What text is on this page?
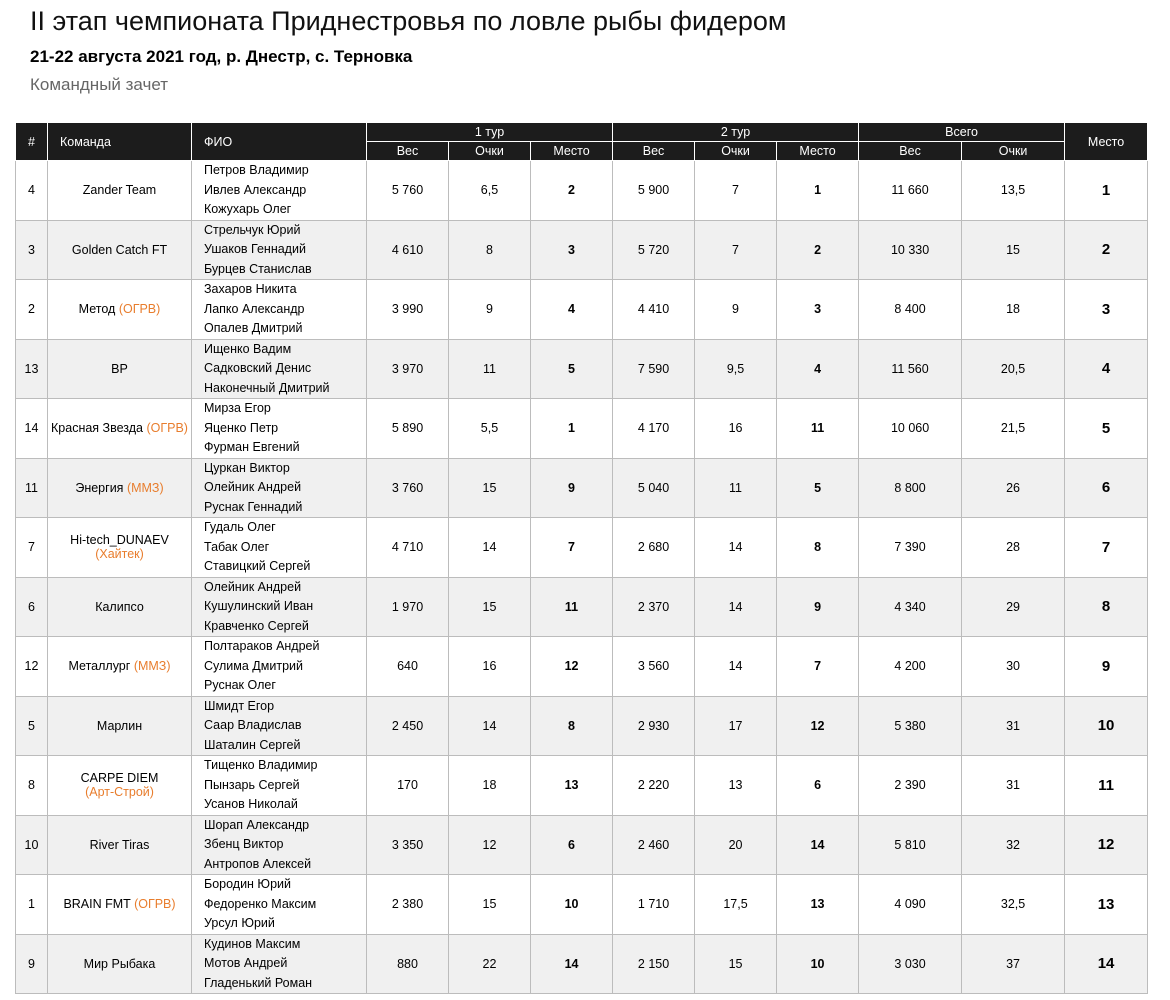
II этап чемпионата Приднестровья по ловле рыбы фидером
21-22 августа 2021 год, р. Днестр, с. Терновка
Командный зачет
#	Команда	ФИО	1 тур			2 тур			Всего		Место
			Вес	Очки	Место	Вес	Очки	Место	Вес	Очки	
4	Zander Team	Петров Владимир
Ивлев Александр
Кожухарь Олег	5 760	6,5	2	5 900	7	1	11 660	13,5	1
3	Golden Catch FT	Стрельчук Юрий
Ушаков Геннадий
Бурцев Станислав	4 610	8	3	5 720	7	2	10 330	15	2
2	Метод (ОГРВ)	Захаров Никита
Лапко Александр
Опалев Дмитрий	3 990	9	4	4 410	9	3	8 400	18	3
13	ВР	Ищенко Вадим
Садковский Денис
Наконечный Дмитрий	3 970	11	5	7 590	9,5	4	11 560	20,5	4
14	Красная Звезда (ОГРВ)	Мирза Егор
Яценко Петр
Фурман Евгений	5 890	5,5	1	4 170	16	11	10 060	21,5	5
11	Энергия (ММЗ)	Цуркан Виктор
Олейник Андрей
Руснак Геннадий	3 760	15	9	5 040	11	5	8 800	26	6
7	Hi-tech_DUNAEV
(Хайтек)	Гудаль Олег
Табак Олег
Ставицкий Сергей	4 710	14	7	2 680	14	8	7 390	28	7
6	Калипсо	Олейник Андрей
Кушулинский Иван
Кравченко Сергей	1 970	15	11	2 370	14	9	4 340	29	8
12	Металлург (ММЗ)	Полтараков Андрей
Сулима Дмитрий
Руснак Олег	640	16	12	3 560	14	7	4 200	30	9
5	Марлин	Шмидт Егор
Саар Владислав
Шаталин Сергей	2 450	14	8	2 930	17	12	5 380	31	10
8	CARPE DIEM
(Арт-Строй)	Тищенко Владимир
Пынзарь Сергей
Усанов Николай	170	18	13	2 220	13	6	2 390	31	11
10	River Tiras	Шорап Александр
Збенц Виктор
Антропов Алексей	3 350	12	6	2 460	20	14	5 810	32	12
1	BRAIN FMT (ОГРВ)	Бородин Юрий
Федоренко Максим
Урсул Юрий	2 380	15	10	1 710	17,5	13	4 090	32,5	13
9	Мир Рыбака	Кудинов Максим
Мотов Андрей
Гладенький Роман	880	22	14	2 150	15	10	3 030	37	14
